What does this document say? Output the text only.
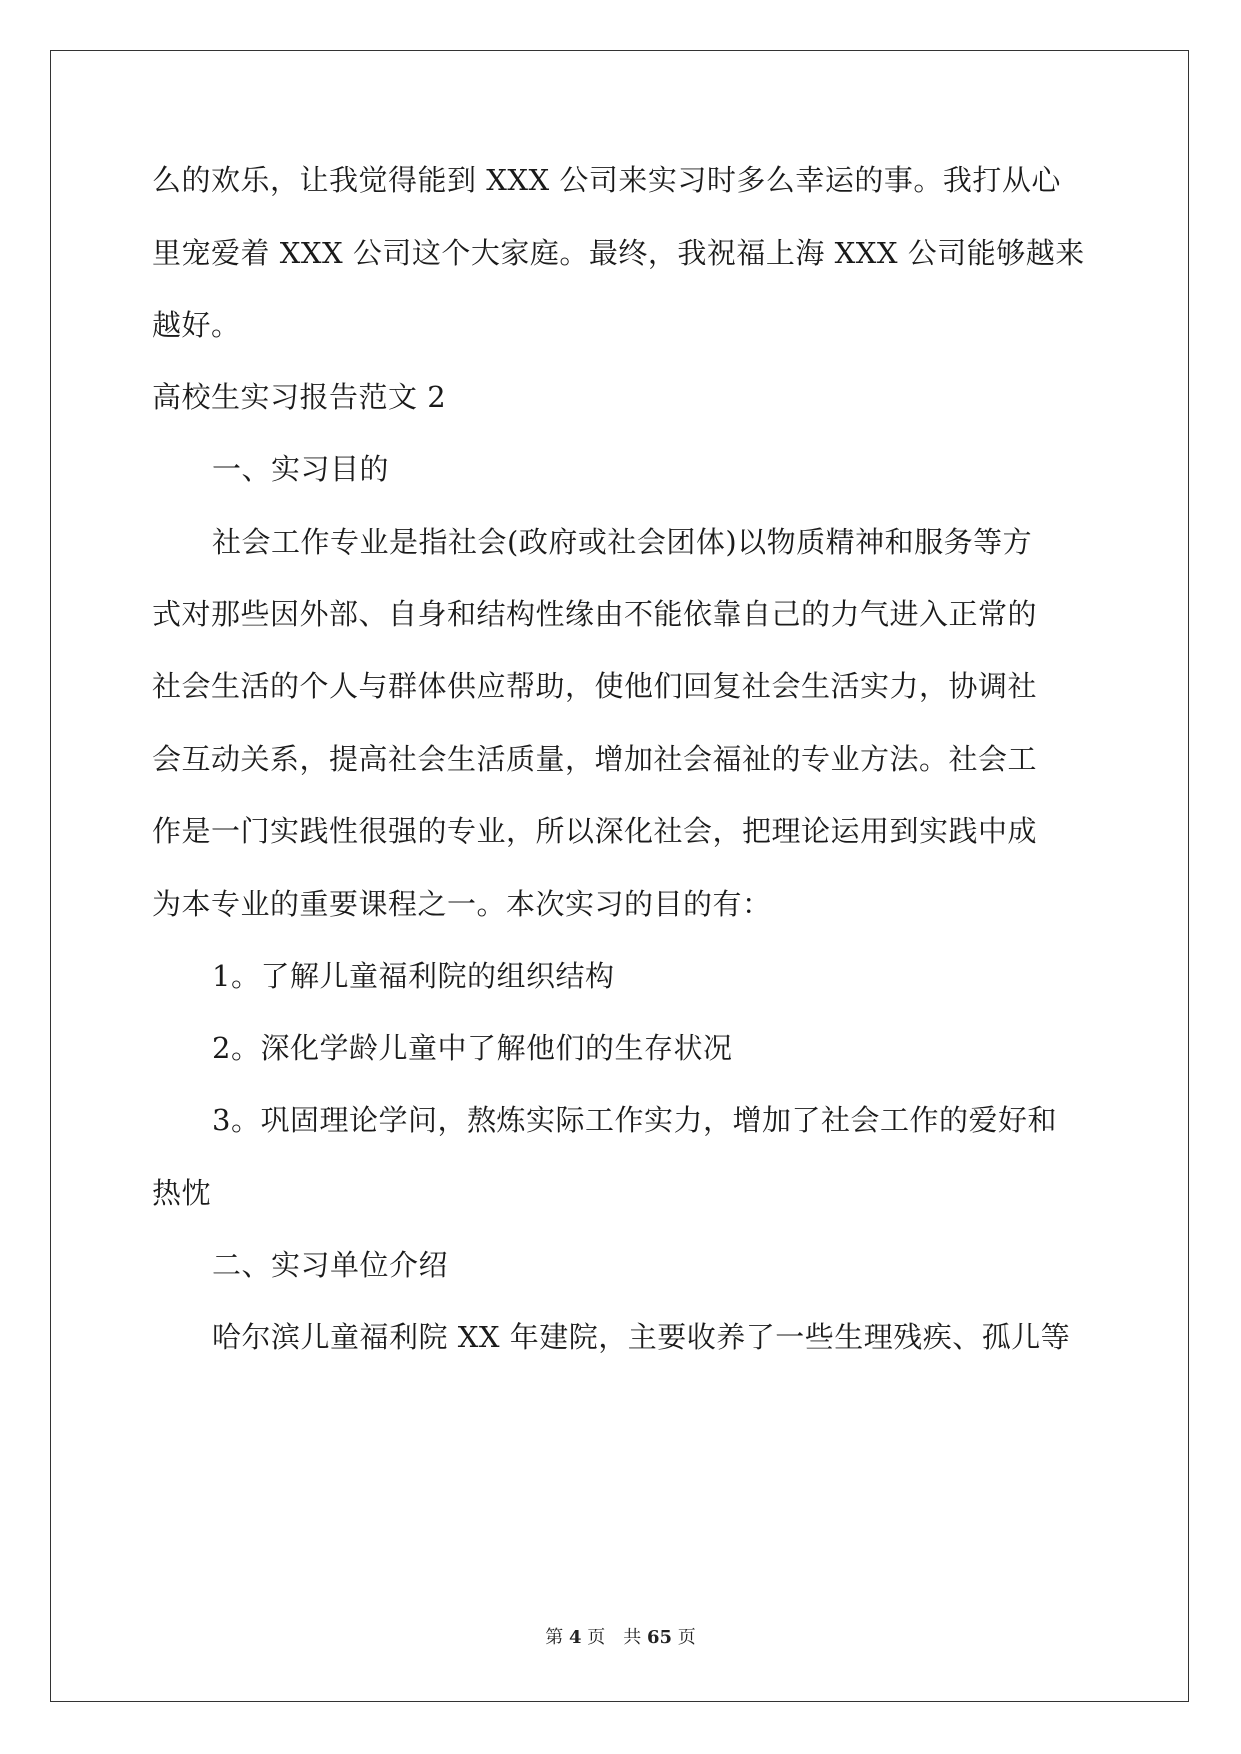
么的欢乐，让我觉得能到 XXX 公司来实习时多么幸运的事。我打从心
里宠爱着 XXX 公司这个大家庭。最终，我祝福上海 XXX 公司能够越来
越好。
高校生实习报告范文 2
一、实习目的
社会工作专业是指社会(政府或社会团体)以物质精神和服务等方
式对那些因外部、自身和结构性缘由不能依靠自己的力气进入正常的
社会生活的个人与群体供应帮助，使他们回复社会生活实力，协调社
会互动关系，提高社会生活质量，增加社会福祉的专业方法。社会工
作是一门实践性很强的专业，所以深化社会，把理论运用到实践中成
为本专业的重要课程之一。本次实习的目的有：
1。了解儿童福利院的组织结构
2。深化学龄儿童中了解他们的生存状况
3。巩固理论学问，熬炼实际工作实力，增加了社会工作的爱好和
热忱
二、实习单位介绍
哈尔滨儿童福利院 XX 年建院，主要收养了一些生理残疾、孤儿等
第 4 页　共 65 页
